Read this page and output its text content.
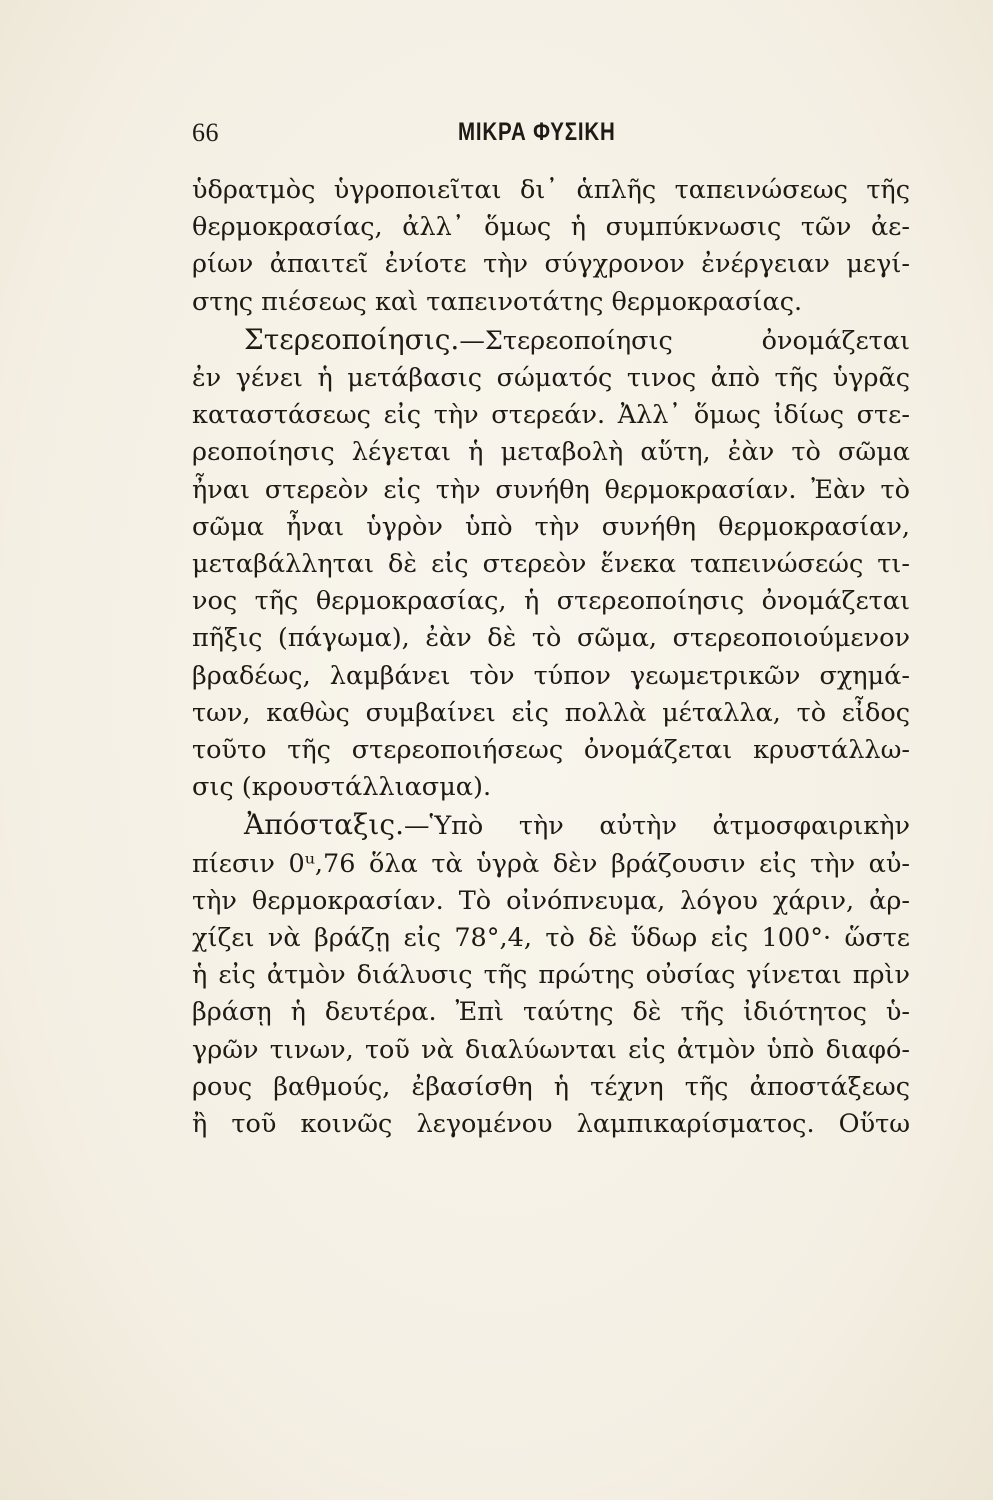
66	ΜΙΚΡΑ ΦΥΣΙΚΗ

ὑδρατμὸς ὑγροποιεῖται δι᾽ ἁπλῆς ταπεινώσεως τῆς

θερμοκρασίας, ἀλλ᾽ ὅμως ἡ συμπύκνωσις τῶν ἀε-

ρίων ἀπαιτεῖ ἐνίοτε τὴν σύγχρονον ἐνέργειαν μεγί-

στης πιέσεως καὶ ταπεινοτάτης θερμοκρασίας.

Στερεοποίησις.—Στερεοποίησις ὀνομάζεται

ἐν γένει ἡ μετάβασις σώματός τινος ἀπὸ τῆς ὑγρᾶς

καταστάσεως εἰς τὴν στερεάν. Ἀλλ᾽ ὅμως ἰδίως στε-

ρεοποίησις λέγεται ἡ μεταβολὴ αὕτη, ἐὰν τὸ σῶμα

ἦναι στερεὸν εἰς τὴν συνήθη θερμοκρασίαν. Ἐὰν τὸ

σῶμα ἦναι ὑγρὸν ὑπὸ τὴν συνήθη θερμοκρασίαν,

μεταβάλληται δὲ εἰς στερεὸν ἕνεκα ταπεινώσεώς τι-

νος τῆς θερμοκρασίας, ἡ στερεοποίησις ὀνομάζεται

πῆξις (πάγωμα), ἐὰν δὲ τὸ σῶμα, στερεοποιούμενον

βραδέως, λαμβάνει τὸν τύπον γεωμετρικῶν σχημά-

των, καθὼς συμβαίνει εἰς πολλὰ μέταλλα, τὸ εἶδος

τοῦτο τῆς στερεοποιήσεως ὀνομάζεται κρυστάλλω-

σις (κρουστάλλιασμα).

Ἀπόσταξις.—Ὑπὸ τὴν αὐτὴν ἀτμοσφαιρικὴν

πίεσιν 0ᵘ,76 ὅλα τὰ ὑγρὰ δὲν βράζουσιν εἰς τὴν αὐ-

τὴν θερμοκρασίαν. Τὸ οἰνόπνευμα, λόγου χάριν, ἀρ-

χίζει νὰ βράζῃ εἰς 78°,4, τὸ δὲ ὕδωρ εἰς 100°· ὥστε

ἡ εἰς ἀτμὸν διάλυσις τῆς πρώτης οὐσίας γίνεται πρὶν

βράσῃ ἡ δευτέρα. Ἐπὶ ταύτης δὲ τῆς ἰδιότητος ὑ-

γρῶν τινων, τοῦ νὰ διαλύωνται εἰς ἀτμὸν ὑπὸ διαφό-

ρους βαθμούς, ἐβασίσθη ἡ τέχνη τῆς ἀποστάξεως

ἢ τοῦ κοινῶς λεγομένου λαμπικαρίσματος. Οὕτω
